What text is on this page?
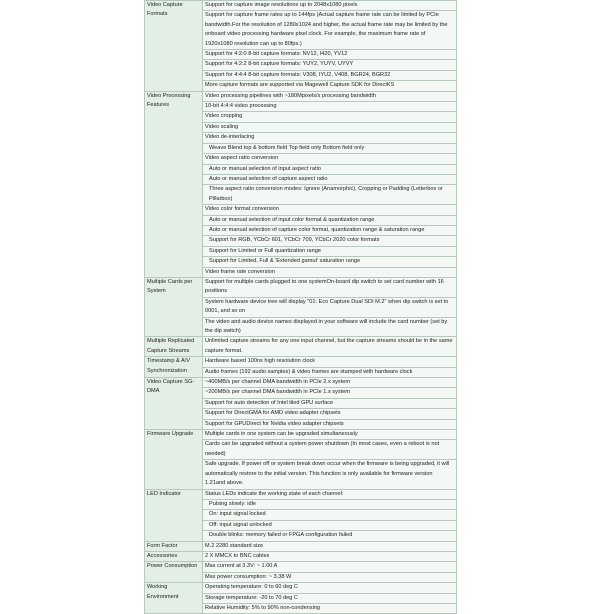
Video Capture Formats	Support for capture image resolutions up to 2048x1080 pixels
	Support for capture frame rates up to 144fps (Actual capture frame rate can be limited by PCIe bandwidth.For the resolution of 1280x1024 and higher, the actual frame rate may be limited by the onboard video processing hardware pixel clock. For example, the maximum frame rate of 1920x1080 resolution can up to 80fps.)
	Support for 4:2:0 8-bit capture formats: NV12, I420, YV12
	Support for 4:2:2 8-bit capture formats: YUY2, YUYV, UYVY
	Support for 4:4:4 8-bit capture formats: V308, IYU2, V408, BGR24, BGR32
	More capture formats are supported via Magewell Capture SDK for DirectKS
Video Processing Features	Video processing pipelines with ~180Mpixels/s processing bandwidth
	10-bit 4:4:4 video processing
	Video cropping
	Video scaling
	Video de-interlacing
	Weave Blend top & bottom field Top field only Bottom field only
	Video aspect ratio conversion
	Auto or manual selection of input aspect ratio
	Auto or manual selection of capture aspect ratio
	Three aspect ratio conversion modes: Ignore (Anamorphic), Cropping or Padding (Letterbox or Pillarbox)
	Video color format conversion
	Auto or manual selection of input color format & quantization range
	Auto or manual selection of capture color format, quantization range & saturation range
	Support for RGB, YCbCr 601, YCbCr 709, YCbCr 2020 color formats
	Support for Limited or Full quantization range
	Support for Limited, Full & 'Extended gamut' saturation range
	Video frame rate conversion
Multiple Cards per System	Support for multiple cards plugged to one systemOn-board dip switch to set card number with 16 positions
	System hardware device tree will display "01: Eco Capture Dual SDI M.2" when dip switch is set to 0001, and so on
	The video and audio device names displayed in your software will include the card number (set by the dip switch)
Multiple Replicated Capture Streams	Unlimited capture streams for any one input channel, but the capture streams should be in the same capture format.
Timestamp & A/V Synchronization	Hardware based 100ns high resolution clock
	Audio frames (192 audio samples) & video frames are stamped with hardware clock
Video Capture SG-DMA	~400MB/s per channel DMA bandwidth in PCIe 2.x system
	~200MB/s per channel DMA bandwidth in PCIe 1.x system
	Support for auto detection of Intel tiled GPU surface
	Support for DirectGMA for AMD video adapter chipsets
	Support for GPUDirect for Nvidia video adapter chipsets
Firmware Upgrade	Multiple cards in one system can be upgraded simultaneously
	Cards can be upgraded without a system power shutdown (In most cases, even a reboot is not needed)
	Safe upgrade. If power off or system break down occur when the firmware is being upgraded, it will automatically restore to the initial version. This function is only available for firmware version 1.21and above.
LED Indicator	Status LEDs indicate the working state of each channel:
	Pulsing slowly: idle
	On: input signal locked
	Off: input signal unlocked
	Double blinks: memory failed or FPGA configuration failed
Form Factor	M.2 2280 standard size
Accessories	2 X MMCX to BNC cables
Power Consumption	Max current at 3.3V: ~ 1.00 A
	Max power consumption: ~ 3.38 W
Working Environment	Operating temperature: 0 to 60 deg C
	Storage temperature: -20 to 70 deg C
	Relative Humidity: 5% to 90% non-condensing
